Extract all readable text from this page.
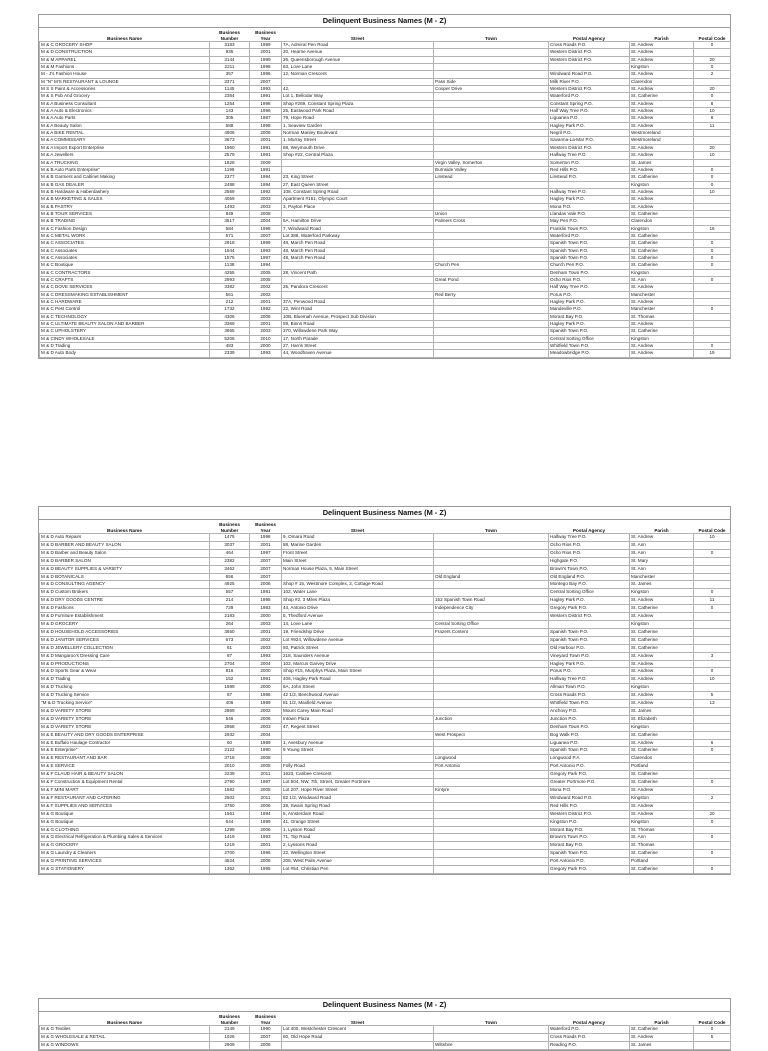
Delinquent Business Names (M - Z)
Business Name	Business Number	Business Year	Street	Town	Postal Agency	Parish	Postal Code
M & C GROCERY SHOP	3183	1999	7A, Admiral Pen Road		Cross Roads P.O.	St. Andrew	0
M & D CONSTRUCTION	935	2001	20, Hearne Avenue		Western District P.O.	St. Andrew	
M & M APPAREL	3144	1999	26, Queensborough Avenue		Western District P.O.	St. Andrew	20
M & M Fashions	2211	1998	63, Love Lane			Kingston	0
M - J's Fashion House	357	1996	12, Norman Crescent		Windward Road P.O.	St. Andrew	2
M "N" M'S RESTAURANT & LOUNGE	3371	2007		Pass Side	Milk River P.O.	Clarendon	
M S S Paint & Accessories	1145	1993	42,	Cooper Drive	Western District P.O.	St. Andrew	20
M & S Pub And Grocery	2364	1991	Lot 1, Bellodar Way		Waterford P.O.	St. Catherine	0
M & A Business Consultant	1254	1998	Shop #269, Constant Spring Plaza		Constant Spring P.O.	St. Andrew	8
M & A Auto & Electronics	143	1996	25, Eastwood Park Road		Half Way Tree P.O.	St. Andrew	10
M & A Auto Parts	305	1987	79, Hope Road		Liguanea P.O.	St. Andrew	6
M & A Beauty Salon	588	1998	1, Seaview Garden		Hagley Park P.O.	St. Andrew	11
M & A BIKE RENTAL	4906	2006	Norman Manley Boulevard		Negril P.O.	Westmoreland	
M & A COMMISSARY	3673	2001	1, Murray Street		Savanna-La-Mar P.O.	Westmoreland	
M & A Import Export Enterprise	1960	1991	68, Weymouth Drive		Western District P.O.	St. Andrew	20
M & A Jewellers	2579	1991	Shop #22, Central Plaza		Halfway Tree P.O.	St. Andrew	10
M & A TRUCKING	1828	2009		Virgin Valley, Somerton	Somerton P.O.	St. James	
M & B Auto Parts Enterprise"	1196	1991		Burnside Valley	Red Hills P.O.	St. Andrew	0
M & B Garment and Cabinet Making	2377	1994	23, King Street	Linstead	Linstead P.O.	St. Catherine	0
M & B GAS DEALER	2488	1994	27, East Queen Street			Kingston	0
M & B Hardware & Haberdashery	2569	1992	108, Constant Spring Road		Halfway Tree P.O.	St. Andrew	10
M & B MARKETING & SALES	4059	2003	Apartment #161, Olympic Court		Hagley Park P.O.	St. Andrew	
M & B PASTRY	1493	2003	3, Payton Place		Mona P.O.	St. Andrew	
M & B TOUR SERVICES	849	2008		Union	Llandas Vale P.O.	St. Catherine	
M & B TRADING	3517	2004	5A, Hamilton Drive	Palmers Cross	May Pen P.O.	Clarendon	
M & C Fashion Design	584	1998	7, Windward Road		Franklin Town P.O.	Kingston	16
M & C METAL WORK	571	2007	Lot 388, Waterford Parkway		Waterford P.O.	St. Catherine	
M & C ASSOCIATES	2918	1999	48, March Pen Road		Spanish Town P.O.	St. Catherine	0
M & C Associates	1544	1993	48, March Pen Road		Spanish Town P.O.	St. Catherine	0
M & C Associates	1575	1997	48, March Pen Road		Spanish Town P.O.	St. Catherine	0
M & C Boutique	1138	1994		Church Pen	Church Pen P.O.	St. Catherine	0
M & C CONTRACTORS	4255	2005	28, Vincent Path		Denham Town P.O.	Kingston	
M & C CRAFTS	2993	2005		Great Pond	Ocho Rios P.O.	St. Ann	0
M & C DOVE SERVICES	3382	2002	25, Pandora Crescent		Half Way Tree P.O.	St. Andrew	
M & C DRESSMAKING ESTABLISHMENT	561	2002		Red Berry	Porus P.O.	Manchester	
M & C HARDWARE	212	2001	37A, Penwood Road		Hagley Park P.O.	St. Andrew	
M & C Pest Control	1732	1992	22, Wint Road		Mandeville P.O.	Manchester	0
M & C TECHNOLOGY	4306	2006	10B, Bluemah Avenue, Prospect Sub Division		Morant Bay P.O.	St. Thomas	
M & C ULTIMATE BEAUTY SALON AND BARBER	3369	2001	59, Binns Road		Hagley Park P.O.	St. Andrew	
M & C UPHOLSTERY	3865	2003	370, Willowdene Park Way		Spanish Town P.O.	St. Catherine	
M & CINDY WHOLESALE	5206	2010	17, North Parade		Central Sorting Office	Kingston	
M & D Trading	483	2000	27, Harris Street		Whitfield Town P.O.	St. Andrew	0
M & D Auto Body	2339	1993	44, Woodhaven Avenue		Meadowbridge P.O.	St. Andrew	19
Delinquent Business Names (M - Z)
Business Name	Business Number	Business Year	Street	Town	Postal Agency	Parish	Postal Code
M & D Auto Repairs	1475	1998	9, Omara Road		Halfway Tree P.O.	St. Andrew	10
M & D BARBER AND BEAUTY SALON	3037	2001	88, Marine Garden		Ocho Rios P.O.	St. Ann	
M & D Barber and Beauty Salon	464	1997	Front Street		Ocho Rios P.O.	St. Ann	0
M & D BARBER SALON	2382	2007	Main Street		Highgate P.O.	St. Mary	
M & D BEAUTY SUPPLIES & VARIETY	3462	2007	Norman House Plaza, 5, Main Street		Brown's Town P.O.	St. Ann	
M & D BOTANICALS	656	2007		Old England	Old England P.O.	Manchester	
M & D CONSULTING AGENCY	4925	2006	Shop # 15, Westmore Complex, 2, Cottage Road		Montego Bay P.O.	St. James	
M & D Custom Brokers	557	1981	102, Water Lane		Central Sorting Office	Kingston	0
M & D DRY GOODS CENTRE	214	1995	Shop #2, 3 Miles Plaza	152 Spanish Town Road	Hagley Park P.O.	St. Andrew	11
M & D Fashions	729	1983	44, Antonio Drive	Independence City	Gregory Park P.O.	St. Catherine	0
M & D Furniture Establishment	2183	2000	5, Thedford Avenue		Western District P.O.	St. Andrew	
M & D GROCERY	264	2003	14, Love Lane	Central Sorting Office		Kingston	
M & D HOUSEHOLD ACCESSORIES	3650	2001	19, Friendship Drive	Frazers Content	Spanish Town P.O.	St. Catherine	
M & D JANITOR SERVICES	673	2002	Lot #924, Willowdene Avenue		Spanish Town P.O.	St. Catherine	
M & D JEWELLERY COLLECTION	61	2003	93, Patrick Street		Old Harbour P.O.	St. Catherine	
M & D Mangaroo's Dressing Care	87	1993	218, Saunders Avenue		Vineyard Town P.O.	St. Andrew	3
M & D PRODUCTIONS	2704	2004	102, Marcus Garvey Drive		Hagley Park P.O.	St. Andrew	
M & D Sports Gear & Wear	816	2000	Shop #15, Murphys Plaza, Main Street		Porus P.O.	St. Andrew	0
M & D Trading	152	1991	406, Hagley Park Road		Halfway Tree P.O.	St. Andrew	10
M & D Trucking	1599	2000	6A, John Street		Allman Town P.O.	Kingston	
M & D Trucking Service	67	1986	42 1/2, Beechwood Avenue		Cross Roads P.O.	St. Andrew	5
"M & D Trucking Service"	406	1989	81 1/2, Maxfield Avenue		Whitfield Town P.O.	St. Andrew	13
M & D VARIETY STORE	2869	2002	Mount Carey Main Road		Anchovy P.O.	St. James	
M & D VARIETY STORE	546	2006	Intown Plaza	Junction	Junction P.O.	St. Elizabeth	
M & D VARIETY STORE	2958	2003	47, Regent Street		Denham Town P.O.	Kingston	
M & E BEAUTY AND DRY GOODS ENTERPRISE	2932	2004		West Prospect	Bog Walk P.O.	St. Catherine	
M & E Buffalo Haulage Contractor	60	1989	1, Avesbury Avenue		Liguanea P.O.	St. Andrew	6
M & E Enterprise"	2122	1990	9 Young Street		Spanish Town P.O.	St. Catherine	0
M & E RESTAURANT AND BAR	3718	2008		Longwood	Longwood P.A.	Clarendon	
M & E SERVICE	2010	2005	Folly Road	Port Antonio	Port Antonio P.O.	Portland	
M & F CLAUD HAIR & BEAUTY SALON	2239	2011	1623, Caribee Crescent		Gregory Park P.O.	St. Catherine	
M & F Construction & Equipment Rental	2790	1997	Lot 504, NW, 7th, Street, Greater Portmore		Greater Portmore P.O.	St. Catherine	0
M & F MINI MART	1582	2005	Lot 207, Hope River Street	Kintyre	Mona P.O.	St. Andrew	
M & F RESTAURANT AND CATERING	2502	2011	82 1/2, Windward Road		Windward Road P.O.	Kingston	2
M & F SUPPLIES AND SERVICES	3760	2006	28, Swain Spring Road		Red Hills P.O.	St. Andrew	
M & G Boutique	1561	1994	5, Amsterdam Road		Western District P.O.	St. Andrew	20
M & G Boutique	644	1999	41, Orange Street		Kingston P.O.	Kingston	0
M & G CLOTHING	1299	2006	1, Lysson Road		Morant Bay P.O.	St. Thomas	
M & G Electrical Refrigeration & Plumbing Sales & Services	1419	1993	71, Top Road		Brown's Town P.O.	St. Ann	0
M & G GROCERY	1219	2001	2, Lyssons Road		Morant Bay P.O.	St. Thomas	
M & G Laundry & Cleaners	2700	1996	22, Wellington Street		Spanish Town P.O.	St. Catherine	0
M & G PRINTING SERVICES	4524	2006	208, West Palm Avenue		Port Antonio P.O.	Portland	
M & G STATIONERY	1362	1995	Lot #54, Christian Pen		Gregory Park P.O.	St. Catherine	0
Delinquent Business Names (M - Z)
Business Name	Business Number	Business Year	Street	Town	Postal Agency	Parish	Postal Code
M & G Textiles	2149	1990	Lot 400, Westchester Crescent		Waterford P.O.	St. Catherine	0
M & G WHOLESALE & RETAIL	1026	2007	60, Old Hope Road		Cross Roads P.O.	St. Andrew	5
M & G WINDOWS	2909	2006		Wiltshire	Reading P.O.	St. James	
